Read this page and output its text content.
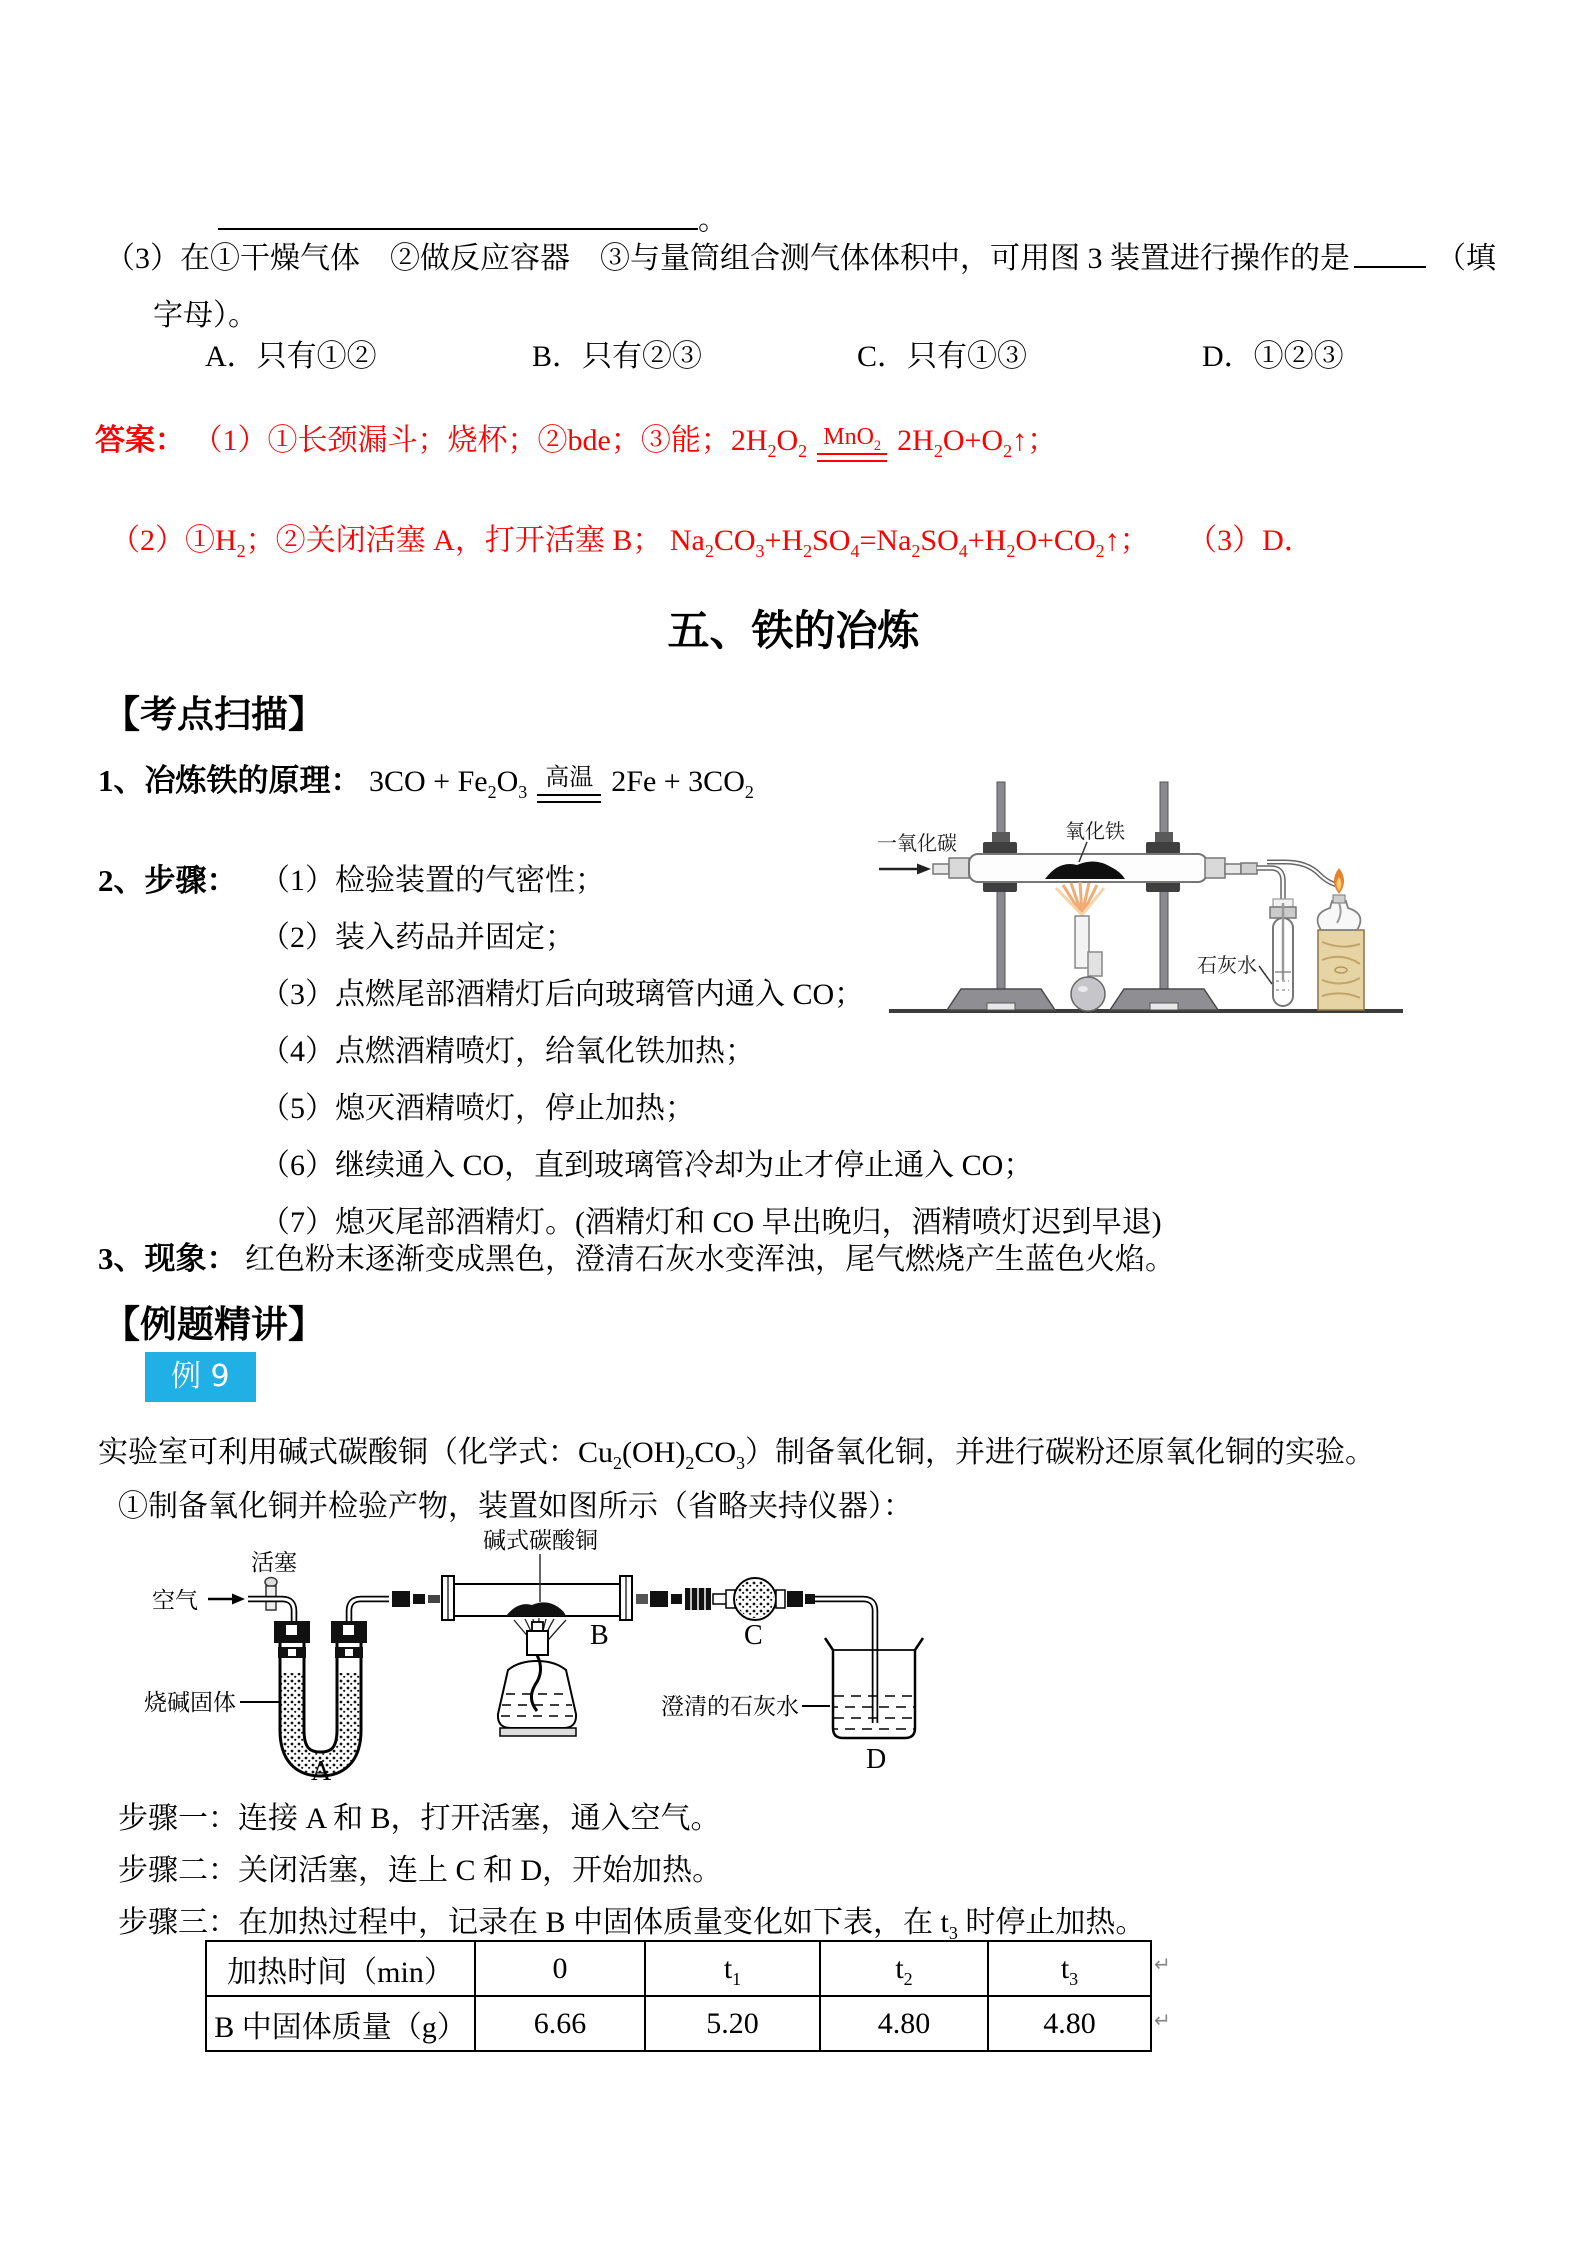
。
（3）在①干燥气体　②做反应容器　③与量筒组合测气体体积中，可用图 3 装置进行操作的是	（填
字母）。
A．只有①②	B．只有②③	C．只有①③	D．①②③
答案： （1）①长颈漏斗；烧杯；②bde；③能；$2H_2O_2$
MnO$_2$ $2H_2O+O_2↑$；
$(2)①H_2$；②关闭活塞 A，打开活塞 B； $Na_2CO_3+H_2SO_4=Na_2SO_4+H_2O+CO_2↑$； （3）D．
五、铁的冶炼
【考点扫描】
1、冶炼铁的原理： $3CO + Fe_2O_3$
高温 $2Fe + 3CO_2$
2、步骤： （1）检验装置的气密性；
（2）装入药品并固定；
（3）点燃尾部酒精灯后向玻璃管内通入 CO；
（4）点燃酒精喷灯，给氧化铁加热；
（5）熄灭酒精喷灯，停止加热；
（6）继续通入 CO，直到玻璃管冷却为止才停止通入 CO；
（7）熄灭尾部酒精灯。(酒精灯和 CO 早出晚归，酒精喷灯迟到早退)
一氧化碳
氧化铁
石灰水
3、现象： 红色粉末逐渐变成黑色，澄清石灰水变浑浊，尾气燃烧产生蓝色火焰。
【例题精讲】
例 9
实验室可利用碱式碳酸铜（化学式：$Cu_2(OH)_2CO_3$）制备氧化铜，并进行碳粉还原氧化铜的实验。
①制备氧化铜并检验产物，装置如图所示（省略夹持仪器）：
活塞
空气
烧碱固体
A
碱式碳酸铜
B	C
澄清的石灰水
D
步骤一：连接 A 和 B，打开活塞，通入空气。
步骤二：关闭活塞，连上 C 和 D，开始加热。
步骤三：在加热过程中，记录在 B 中固体质量变化如下表，在 $t_3$ 时停止加热。
加热时间（min）	0	$t_1$	$t_2$	$t_3$
B 中固体质量（g）	6.66	5.20	4.80	4.80
↵
↵
